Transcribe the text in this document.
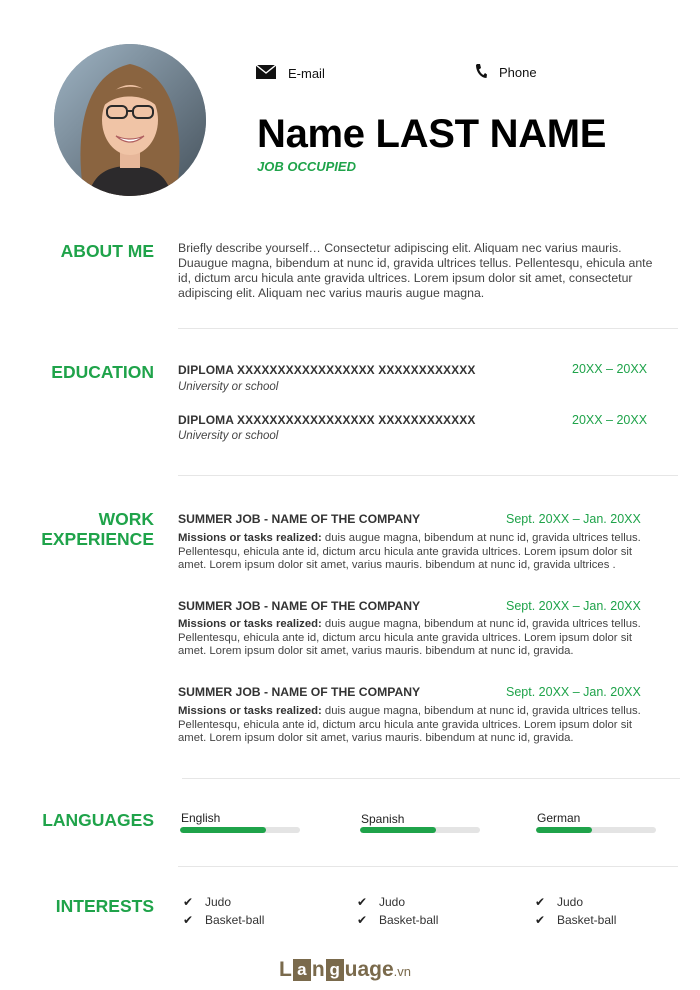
E-mail	Phone
Name LAST NAME
JOB OCCUPIED
ABOUT ME Briefly describe yourself… Consectetur adipiscing elit. Aliquam nec varius mauris. Duaugue magna, bibendum at nunc id, gravida ultrices tellus. Pellentesqu, ehicula ante id, dictum arcu hicula ante gravida ultrices. Lorem ipsum dolor sit amet, consectetur adipiscing elit. Aliquam nec varius mauris augue magna.
EDUCATION DIPLOMA XXXXXXXXXXXXXXXXX XXXXXXXXXXXX
University or school
20XX – 20XX
DIPLOMA XXXXXXXXXXXXXXXXX XXXXXXXXXXXX
University or school
20XX – 20XX
WORK
EXPERIENCE
SUMMER JOB - NAME OF THE COMPANY	Sept. 20XX – Jan. 20XX
Missions or tasks realized: duis augue magna, bibendum at nunc id, gravida ultrices tellus. Pellentesqu, ehicula ante id, dictum arcu hicula ante gravida ultrices. Lorem ipsum dolor sit amet. Lorem ipsum dolor sit amet, varius mauris. bibendum at nunc id, gravida ultrices .
SUMMER JOB - NAME OF THE COMPANY	Sept. 20XX – Jan. 20XX
Missions or tasks realized: duis augue magna, bibendum at nunc id, gravida ultrices tellus. Pellentesqu, ehicula ante id, dictum arcu hicula ante gravida ultrices. Lorem ipsum dolor sit amet. Lorem ipsum dolor sit amet, varius mauris. bibendum at nunc id, gravida.
SUMMER JOB - NAME OF THE COMPANY	Sept. 20XX – Jan. 20XX
Missions or tasks realized: duis augue magna, bibendum at nunc id, gravida ultrices tellus. Pellentesqu, ehicula ante id, dictum arcu hicula ante gravida ultrices. Lorem ipsum dolor sit amet. Lorem ipsum dolor sit amet, varius mauris. bibendum at nunc id, gravida.
LANGUAGES English	Spanish	German
INTERESTS ✔ Judo
✔ Basket-ball
✔ Judo
✔ Basket-ball
✔ Judo
✔ Basket-ball
L a n g uage.vn
